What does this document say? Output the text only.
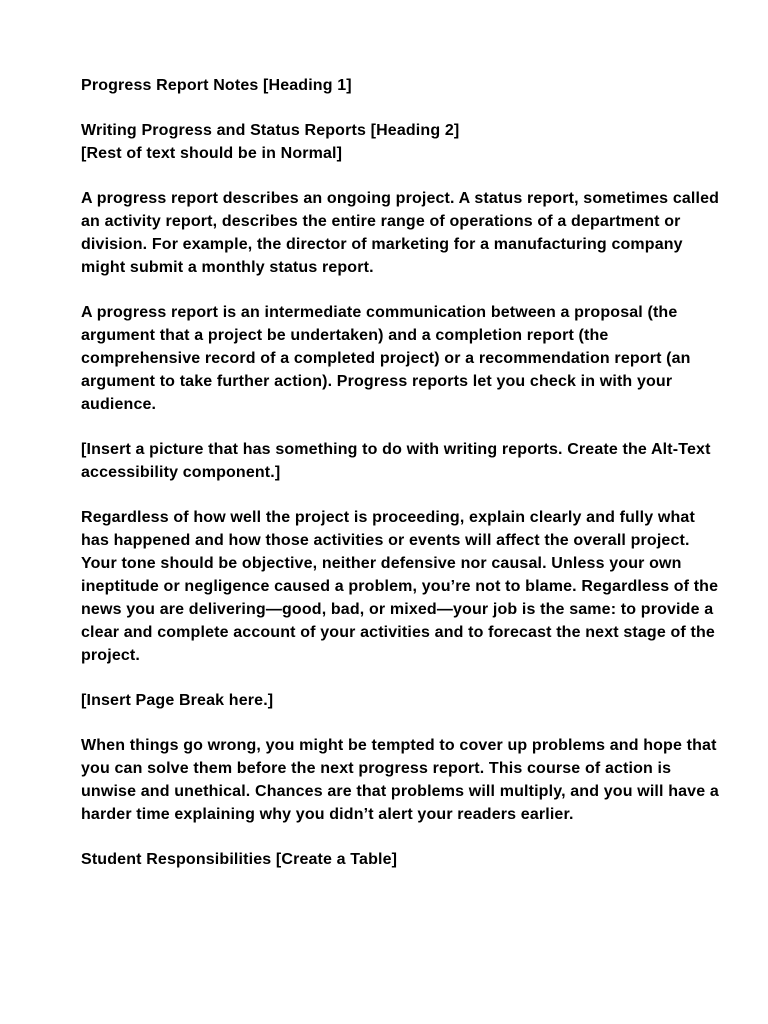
Progress Report Notes [Heading 1]

Writing Progress and Status Reports [Heading 2]

[Rest of text should be in Normal]

A progress report describes an ongoing project. A status report, sometimes called an activity report, describes the entire range of operations of a department or division. For example, the director of marketing for a manufacturing company might submit a monthly status report.

A progress report is an intermediate communication between a proposal (the argument that a project be undertaken) and a completion report (the comprehensive record of a completed project) or a recommendation report (an argument to take further action). Progress reports let you check in with your audience.

[Insert a picture that has something to do with writing reports. Create the Alt-Text accessibility component.]

Regardless of how well the project is proceeding, explain clearly and fully what has happened and how those activities or events will affect the overall project. Your tone should be objective, neither defensive nor causal. Unless your own ineptitude or negligence caused a problem, you’re not to blame. Regardless of the news you are delivering—good, bad, or mixed—your job is the same: to provide a clear and complete account of your activities and to forecast the next stage of the project.

[Insert Page Break here.]

When things go wrong, you might be tempted to cover up problems and hope that you can solve them before the next progress report. This course of action is unwise and unethical. Chances are that problems will multiply, and you will have a harder time explaining why you didn’t alert your readers earlier.

Student Responsibilities [Create a Table]
